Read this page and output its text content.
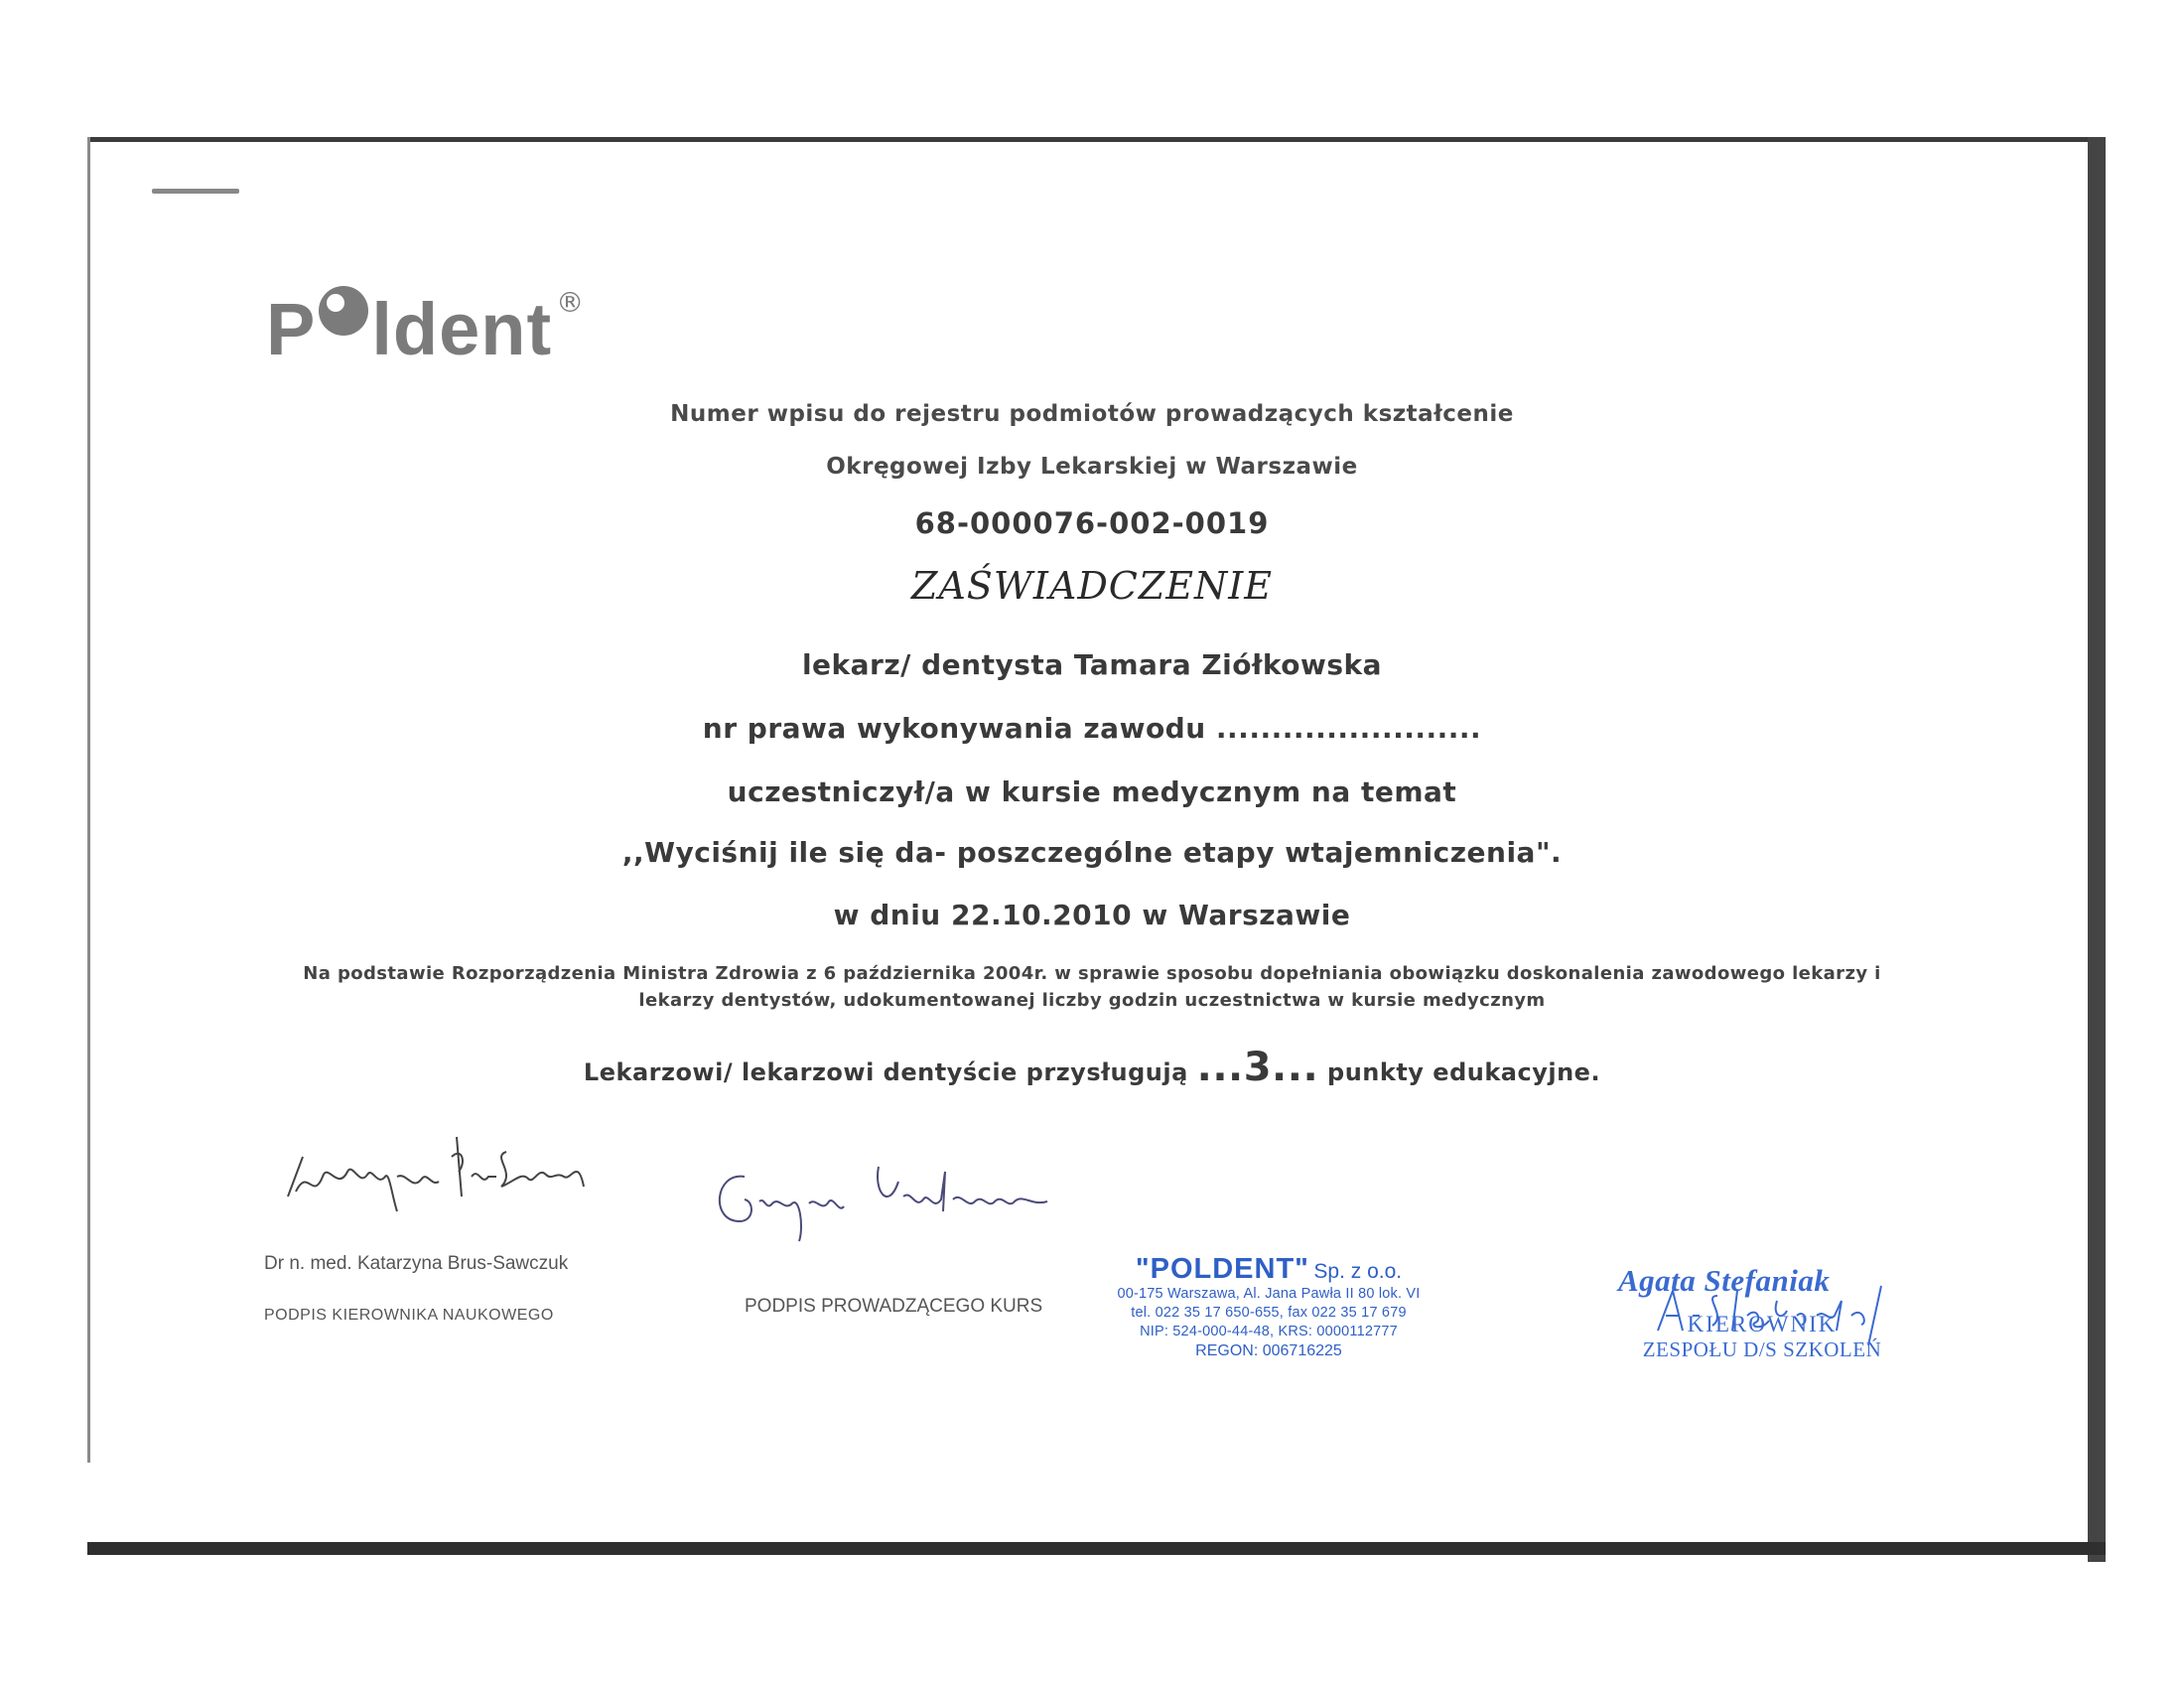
P ldent ®
Numer wpisu do rejestru podmiotów prowadzących kształcenie
Okręgowej Izby Lekarskiej w Warszawie
68-000076-002-0019
ZAŚWIADCZENIE
lekarz/ dentysta Tamara Ziółkowska
nr prawa wykonywania zawodu ........................
uczestniczył/a w kursie medycznym na temat
,,Wyciśnij ile się da- poszczególne etapy wtajemniczenia".
w dniu 22.10.2010 w Warszawie
Na podstawie Rozporządzenia Ministra Zdrowia z 6 października 2004r. w sprawie sposobu dopełniania obowiązku doskonalenia zawodowego lekarzy i lekarzy dentystów, udokumentowanej liczby godzin uczestnictwa w kursie medycznym
Lekarzowi/ lekarzowi dentyście przysługują ...3... punkty edukacyjne.
Dr n. med. Katarzyna Brus-Sawczuk
PODPIS KIEROWNIKA NAUKOWEGO	PODPIS PROWADZĄCEGO KURS
"POLDENT" Sp. z o.o.
00-175 Warszawa, Al. Jana Pawła II 80 lok. VI
tel. 022 35 17 650-655, fax 022 35 17 679
NIP: 524-000-44-48, KRS: 0000112777
REGON: 006716225
Agata Stefaniak
KIEROWNIK
ZESPOŁU D/S SZKOLEŃ
